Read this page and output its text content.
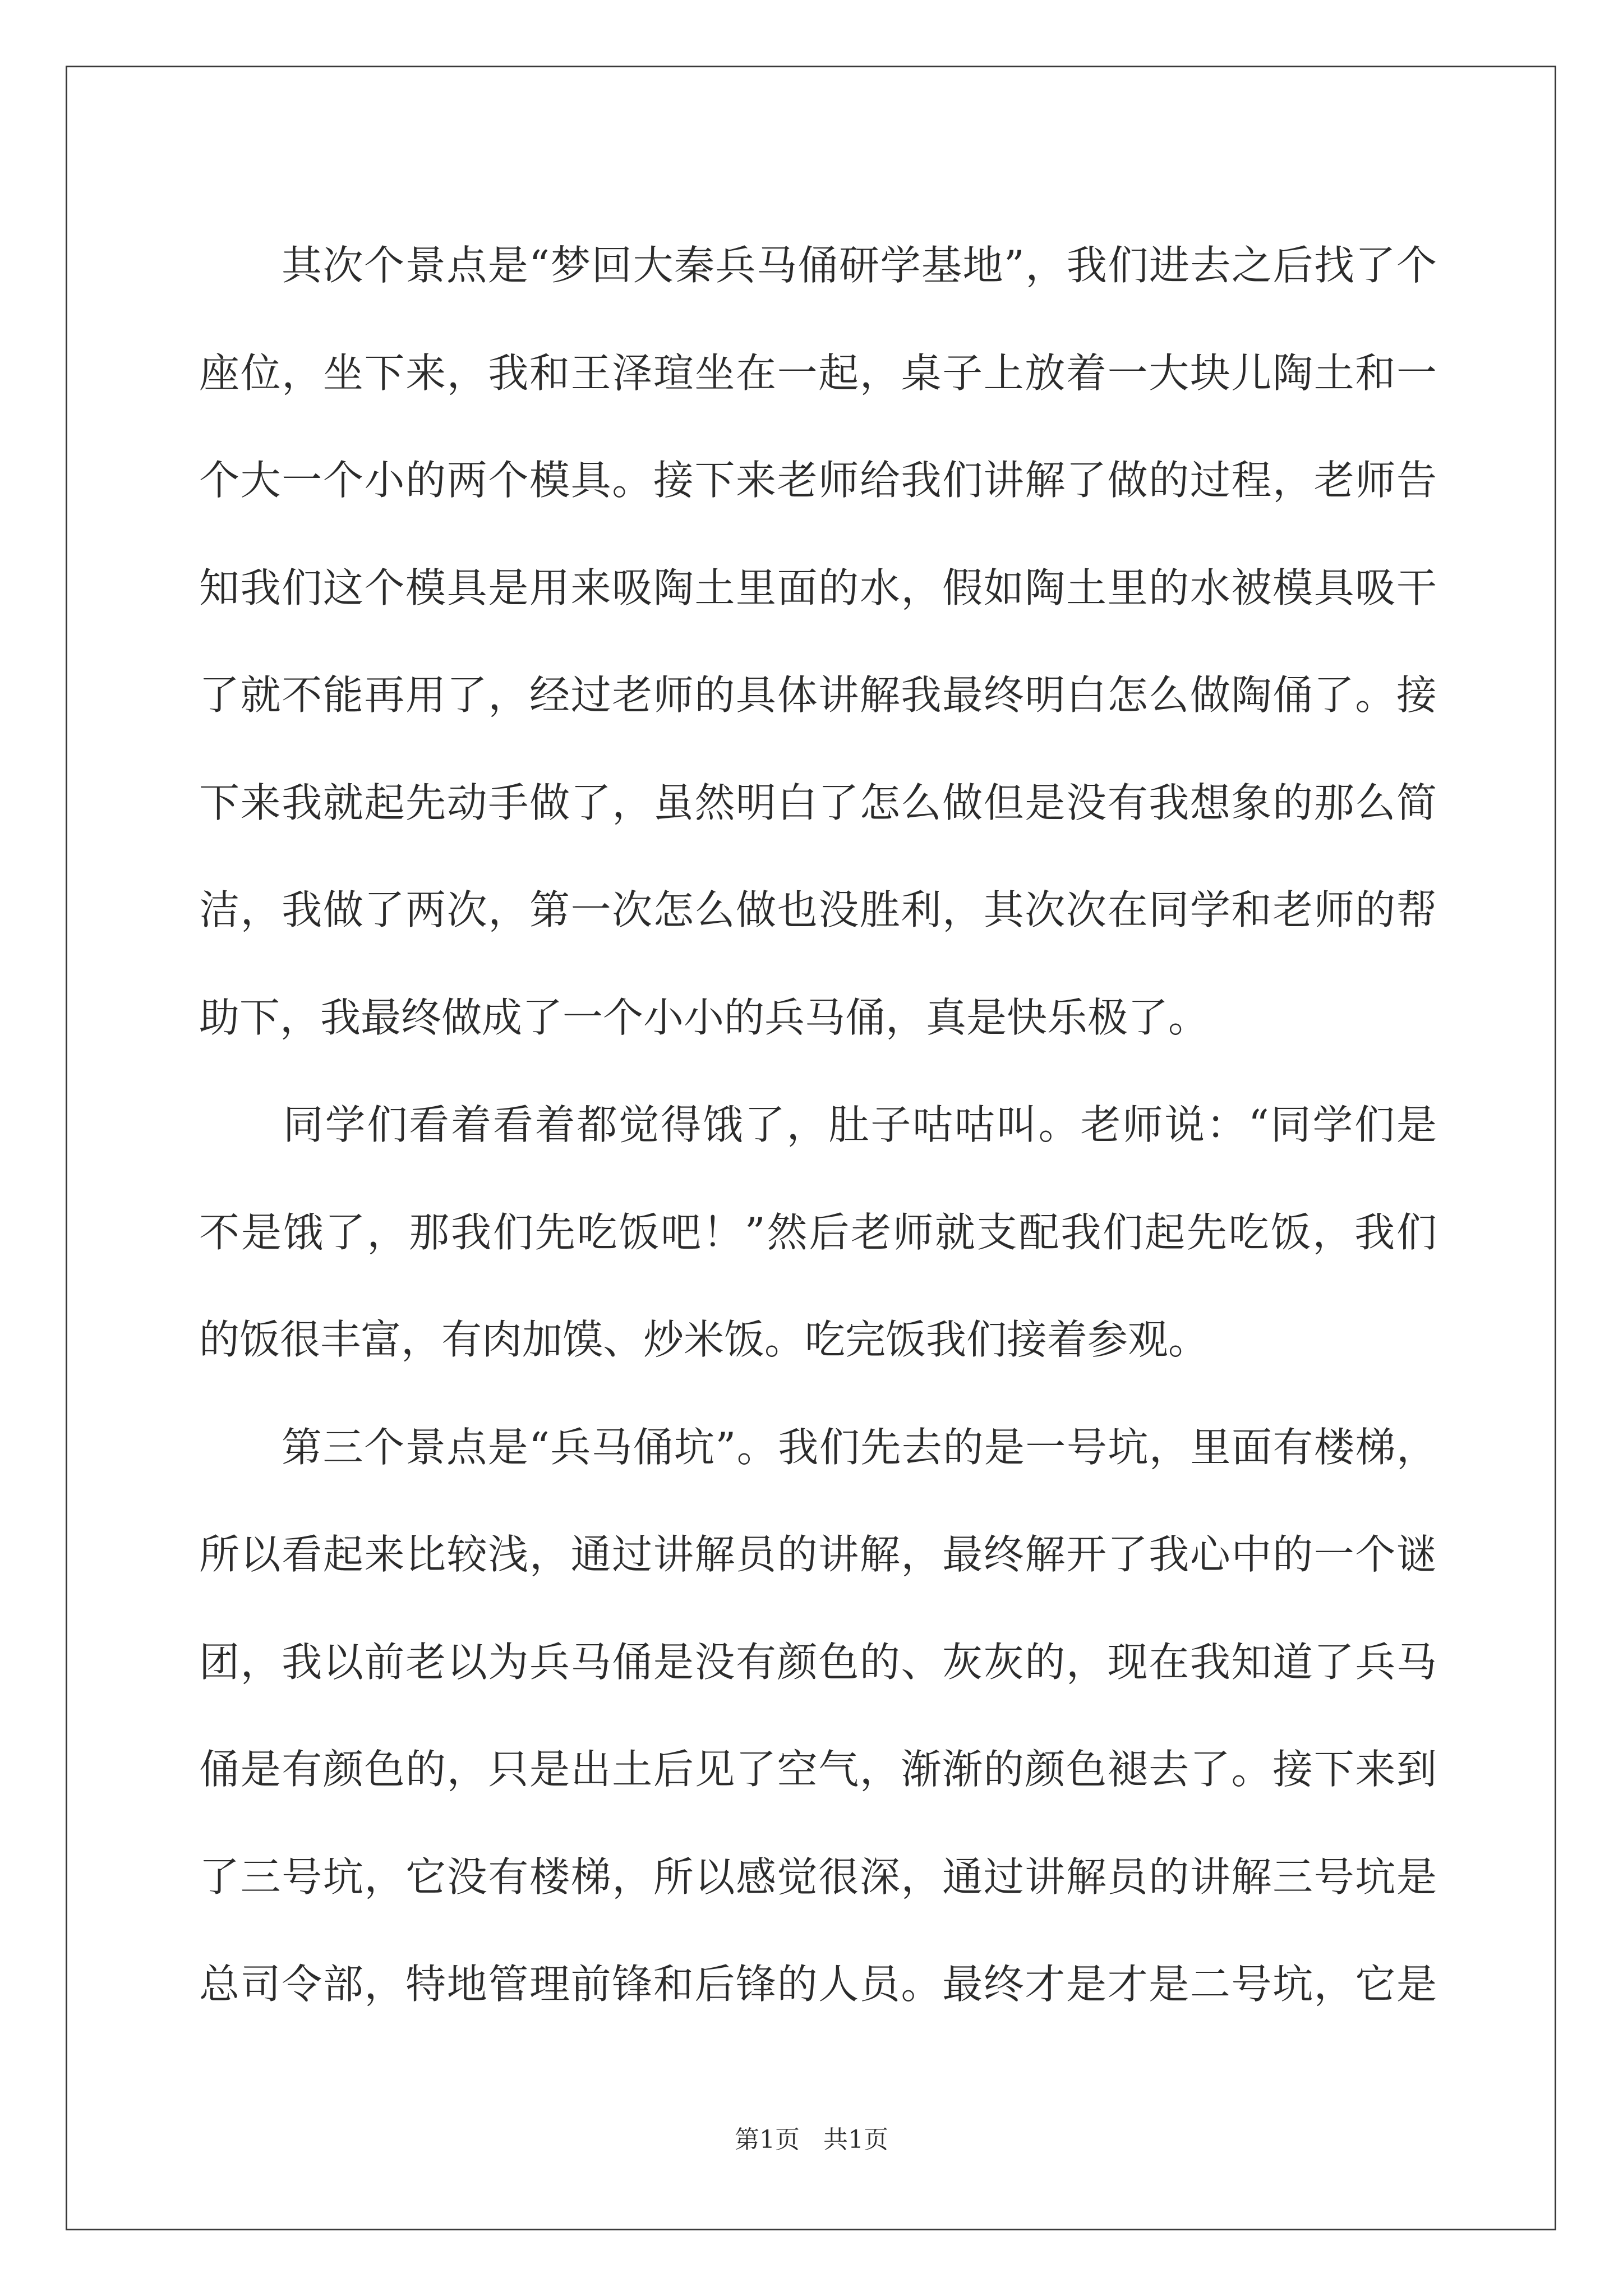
　　其次个景点是“梦回大秦兵马俑研学基地”，我们进去之后找了个
座位，坐下来，我和王泽瑄坐在一起，桌子上放着一大块儿陶土和一
个大一个小的两个模具。接下来老师给我们讲解了做的过程，老师告
知我们这个模具是用来吸陶土里面的水，假如陶土里的水被模具吸干
了就不能再用了，经过老师的具体讲解我最终明白怎么做陶俑了。接
下来我就起先动手做了，虽然明白了怎么做但是没有我想象的那么简
洁，我做了两次，第一次怎么做也没胜利，其次次在同学和老师的帮
助下，我最终做成了一个小小的兵马俑，真是快乐极了。
　　同学们看着看着都觉得饿了，肚子咕咕叫。老师说：“同学们是
不是饿了，那我们先吃饭吧！”然后老师就支配我们起先吃饭，我们
的饭很丰富，有肉加馍、炒米饭。吃完饭我们接着参观。
　　第三个景点是“兵马俑坑”。我们先去的是一号坑，里面有楼梯，
所以看起来比较浅，通过讲解员的讲解，最终解开了我心中的一个谜
团，我以前老以为兵马俑是没有颜色的、灰灰的，现在我知道了兵马
俑是有颜色的，只是出土后见了空气，渐渐的颜色褪去了。接下来到
了三号坑，它没有楼梯，所以感觉很深，通过讲解员的讲解三号坑是
总司令部，特地管理前锋和后锋的人员。最终才是才是二号坑，它是
第1页   共1页
